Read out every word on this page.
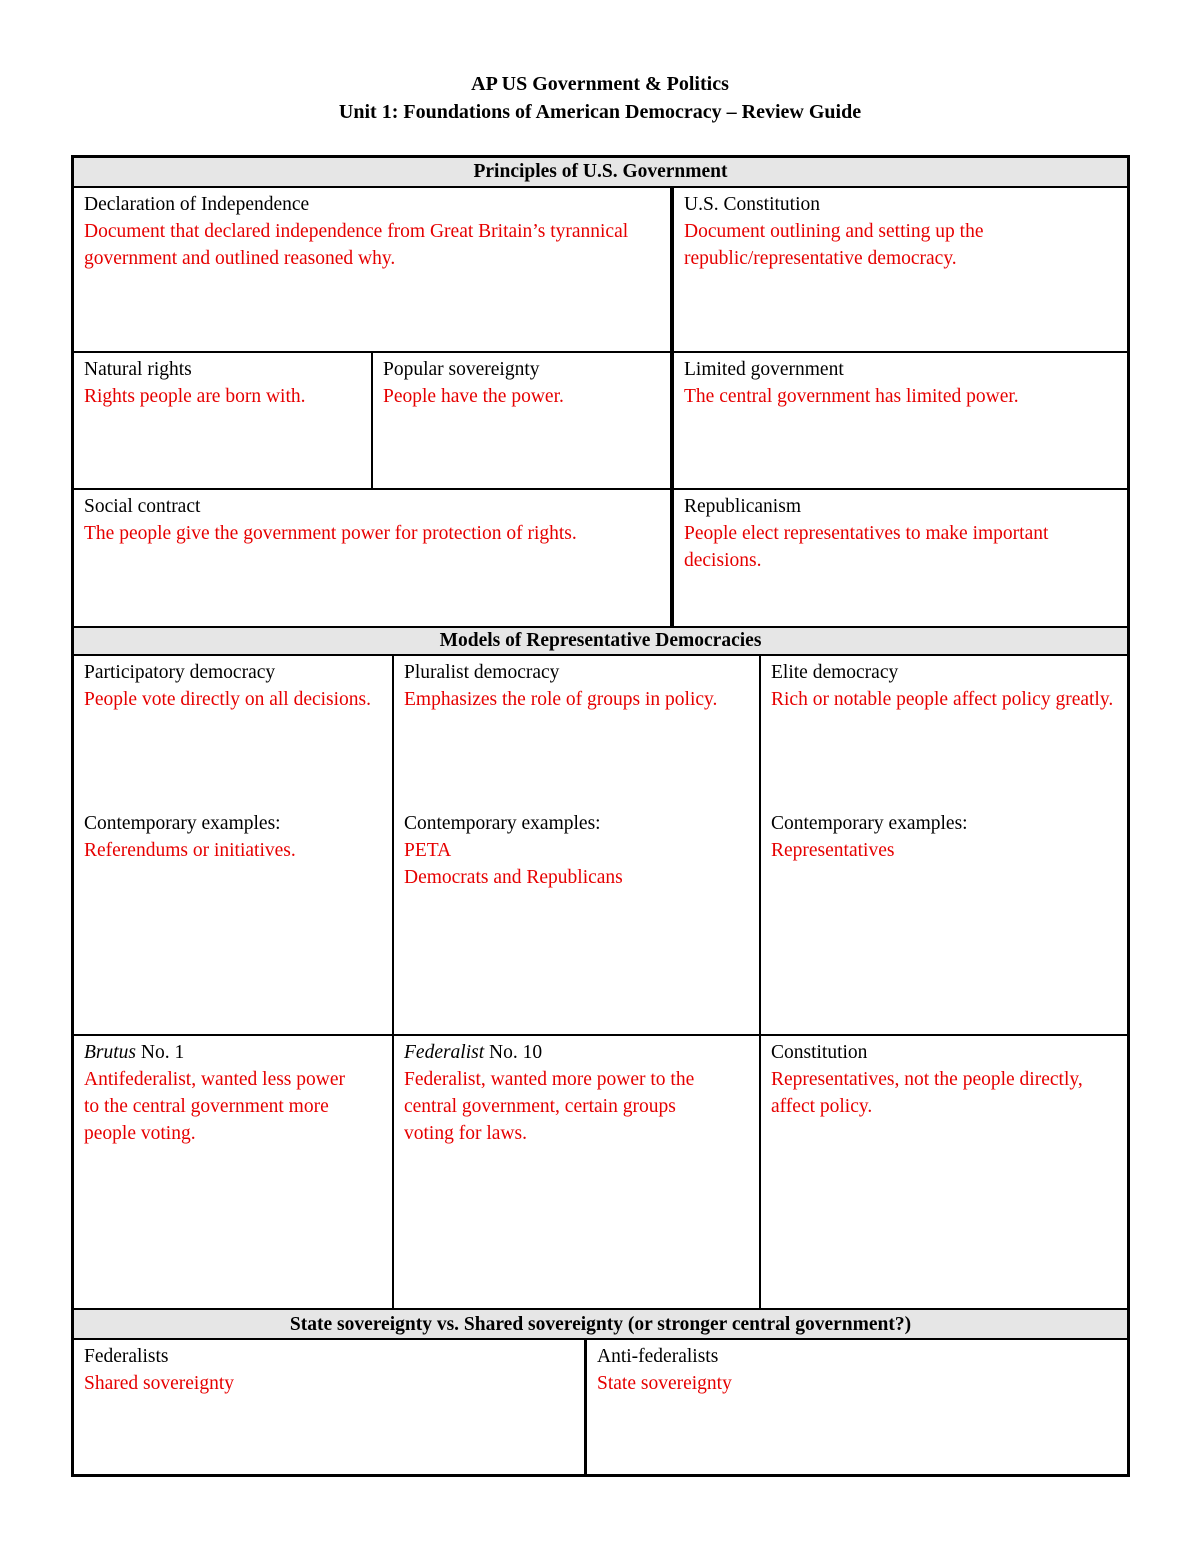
AP US Government & Politics
Unit 1: Foundations of American Democracy – Review Guide
Principles of U.S. Government
Declaration of Independence
Document that declared independence from Great Britain’s tyrannical government and outlined reasoned why.
U.S. Constitution
Document outlining and setting up the republic/representative democracy.
Natural rights
Rights people are born with.
Popular sovereignty
People have the power.
Limited government
The central government has limited power.
Social contract
The people give the government power for protection of rights.
Republicanism
People elect representatives to make important decisions.
Models of Representative Democracies
Participatory democracy
People vote directly on all decisions.
Contemporary examples:
Referendums or initiatives.
Pluralist democracy
Emphasizes the role of groups in policy.
Contemporary examples:
PETA
Democrats and Republicans
Elite democracy
Rich or notable people affect policy greatly.
Contemporary examples:
Representatives
Brutus No. 1
Antifederalist, wanted less power to the central government more people voting.
Federalist No. 10
Federalist, wanted more power to the central government, certain groups voting for laws.
Constitution
Representatives, not the people directly, affect policy.
State sovereignty vs. Shared sovereignty (or stronger central government?)
Federalists
Shared sovereignty
Anti-federalists
State sovereignty
